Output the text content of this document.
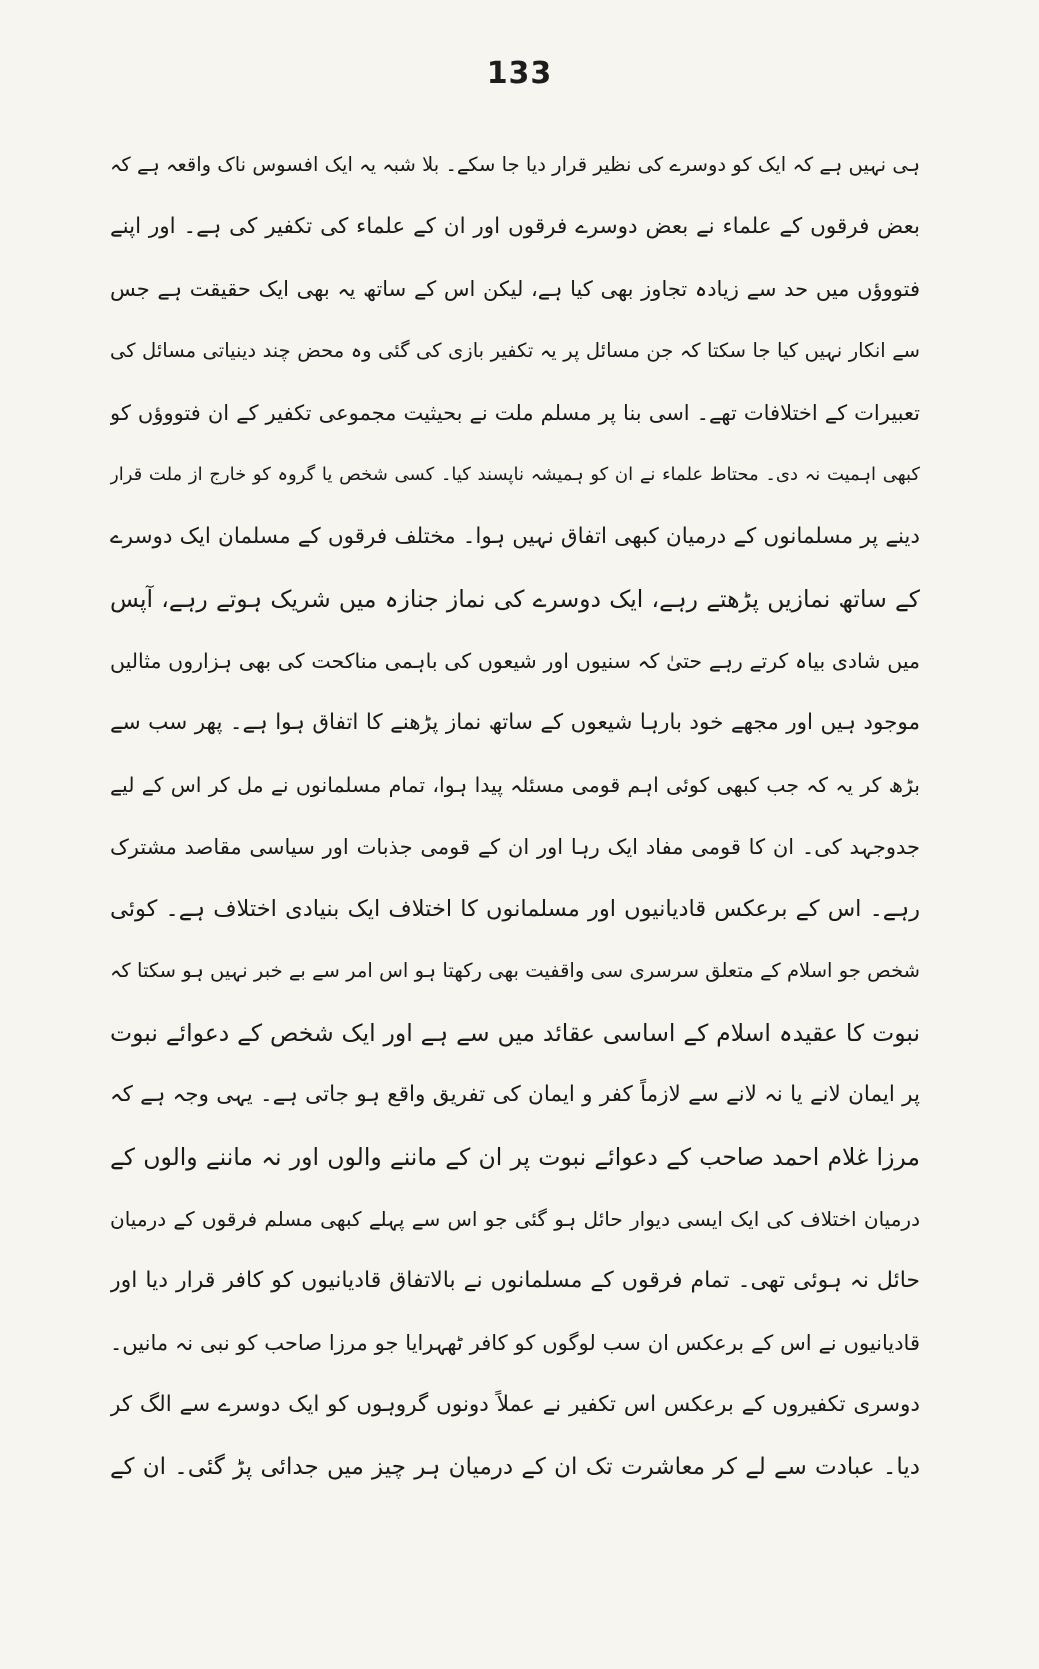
133
ہی نہیں ہے کہ ایک کو دوسرے کی نظیر قرار دیا جا سکے۔ بلا شبہ یہ ایک افسوس ناک واقعہ ہے کہ
بعض فرقوں کے علماء نے بعض دوسرے فرقوں اور ان کے علماء کی تکفیر کی ہے۔ اور اپنے
فتووؤں میں حد سے زیادہ تجاوز بھی کیا ہے، لیکن اس کے ساتھ یہ بھی ایک حقیقت ہے جس
سے انکار نہیں کیا جا سکتا کہ جن مسائل پر یہ تکفیر بازی کی گئی وہ محض چند دینیاتی مسائل کی
تعبیرات کے اختلافات تھے۔ اسی بنا پر مسلم ملت نے بحیثیت مجموعی تکفیر کے ان فتووؤں کو
کبھی اہمیت نہ دی۔ محتاط علماء نے ان کو ہمیشہ ناپسند کیا۔ کسی شخص یا گروہ کو خارج از ملت قرار
دینے پر مسلمانوں کے درمیان کبھی اتفاق نہیں ہوا۔ مختلف فرقوں کے مسلمان ایک دوسرے
کے ساتھ نمازیں پڑھتے رہے، ایک دوسرے کی نماز جنازہ میں شریک ہوتے رہے، آپس
میں شادی بیاہ کرتے رہے حتیٰ کہ سنیوں اور شیعوں کی باہمی مناکحت کی بھی ہزاروں مثالیں
موجود ہیں اور مجھے خود بارہا شیعوں کے ساتھ نماز پڑھنے کا اتفاق ہوا ہے۔ پھر سب سے
بڑھ کر یہ کہ جب کبھی کوئی اہم قومی مسئلہ پیدا ہوا، تمام مسلمانوں نے مل کر اس کے لیے
جدوجہد کی۔ ان کا قومی مفاد ایک رہا اور ان کے قومی جذبات اور سیاسی مقاصد مشترک
رہے۔ اس کے برعکس قادیانیوں اور مسلمانوں کا اختلاف ایک بنیادی اختلاف ہے۔ کوئی
شخص جو اسلام کے متعلق سرسری سی واقفیت بھی رکھتا ہو اس امر سے بے خبر نہیں ہو سکتا کہ
نبوت کا عقیدہ اسلام کے اساسی عقائد میں سے ہے اور ایک شخص کے دعوائے نبوت
پر ایمان لانے یا نہ لانے سے لازماً کفر و ایمان کی تفریق واقع ہو جاتی ہے۔ یہی وجہ ہے کہ
مرزا غلام احمد صاحب کے دعوائے نبوت پر ان کے ماننے والوں اور نہ ماننے والوں کے
درمیان اختلاف کی ایک ایسی دیوار حائل ہو گئی جو اس سے پہلے کبھی مسلم فرقوں کے درمیان
حائل نہ ہوئی تھی۔ تمام فرقوں کے مسلمانوں نے بالاتفاق قادیانیوں کو کافر قرار دیا اور
قادیانیوں نے اس کے برعکس ان سب لوگوں کو کافر ٹھہرایا جو مرزا صاحب کو نبی نہ مانیں۔
دوسری تکفیروں کے برعکس اس تکفیر نے عملاً دونوں گروہوں کو ایک دوسرے سے الگ کر
دیا۔ عبادت سے لے کر معاشرت تک ان کے درمیان ہر چیز میں جدائی پڑ گئی۔ ان کے
